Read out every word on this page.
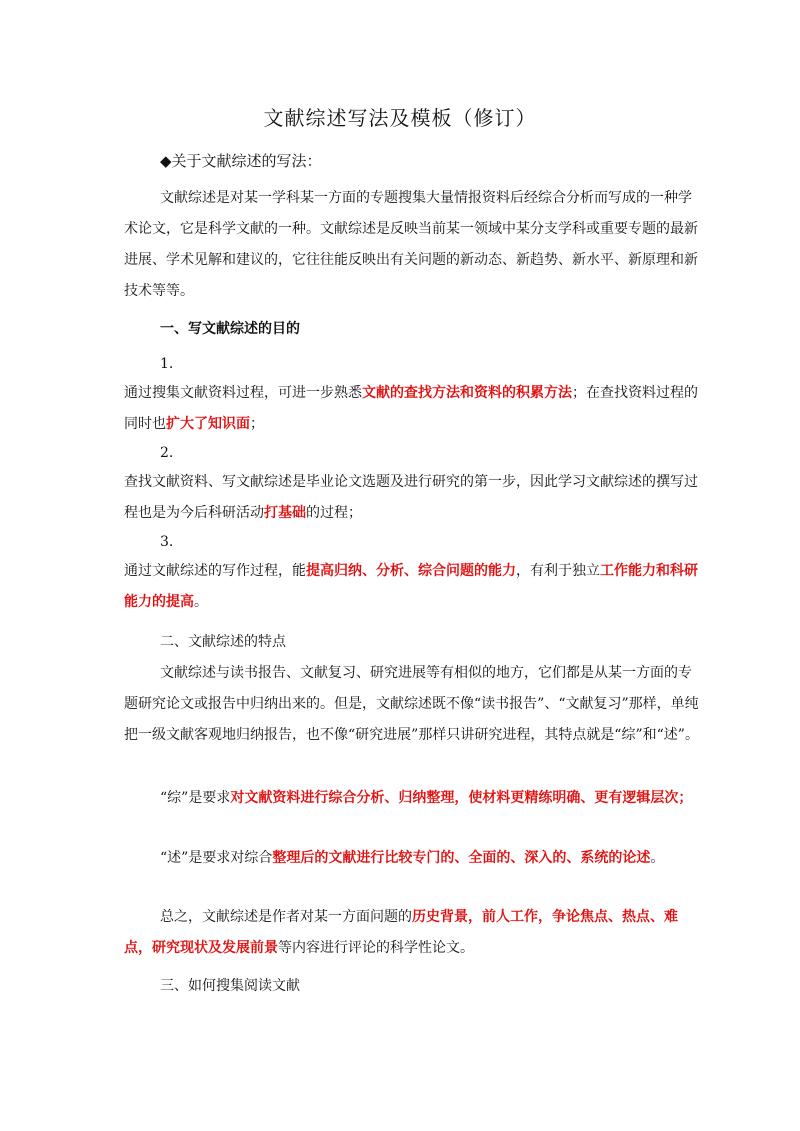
文献综述写法及模板（修订）
◆关于文献综述的写法：
文献综述是对某一学科某一方面的专题搜集大量情报资料后经综合分析而写成的一种学术论文，它是科学文献的一种。文献综述是反映当前某一领域中某分支学科或重要专题的最新进展、学术见解和建议的，它往往能反映出有关问题的新动态、新趋势、新水平、新原理和新技术等等。
一、写文献综述的目的
1.
通过搜集文献资料过程，可进一步熟悉文献的查找方法和资料的积累方法；在查找资料过程的同时也扩大了知识面；
2.
查找文献资料、写文献综述是毕业论文选题及进行研究的第一步，因此学习文献综述的撰写过程也是为今后科研活动打基础的过程；
3.
通过文献综述的写作过程，能提高归纳、分析、综合问题的能力，有利于独立工作能力和科研能力的提高。
二、文献综述的特点
文献综述与读书报告、文献复习、研究进展等有相似的地方，它们都是从某一方面的专题研究论文或报告中归纳出来的。但是，文献综述既不像“读书报告”、“文献复习”那样，单纯把一级文献客观地归纳报告，也不像“研究进展”那样只讲研究进程，其特点就是“综”和“述”。
“综”是要求对文献资料进行综合分析、归纳整理，使材料更精练明确、更有逻辑层次；
“述”是要求对综合整理后的文献进行比较专门的、全面的、深入的、系统的论述。
总之，文献综述是作者对某一方面问题的历史背景，前人工作，争论焦点、热点、难点，研究现状及发展前景等内容进行评论的科学性论文。
三、如何搜集阅读文献
